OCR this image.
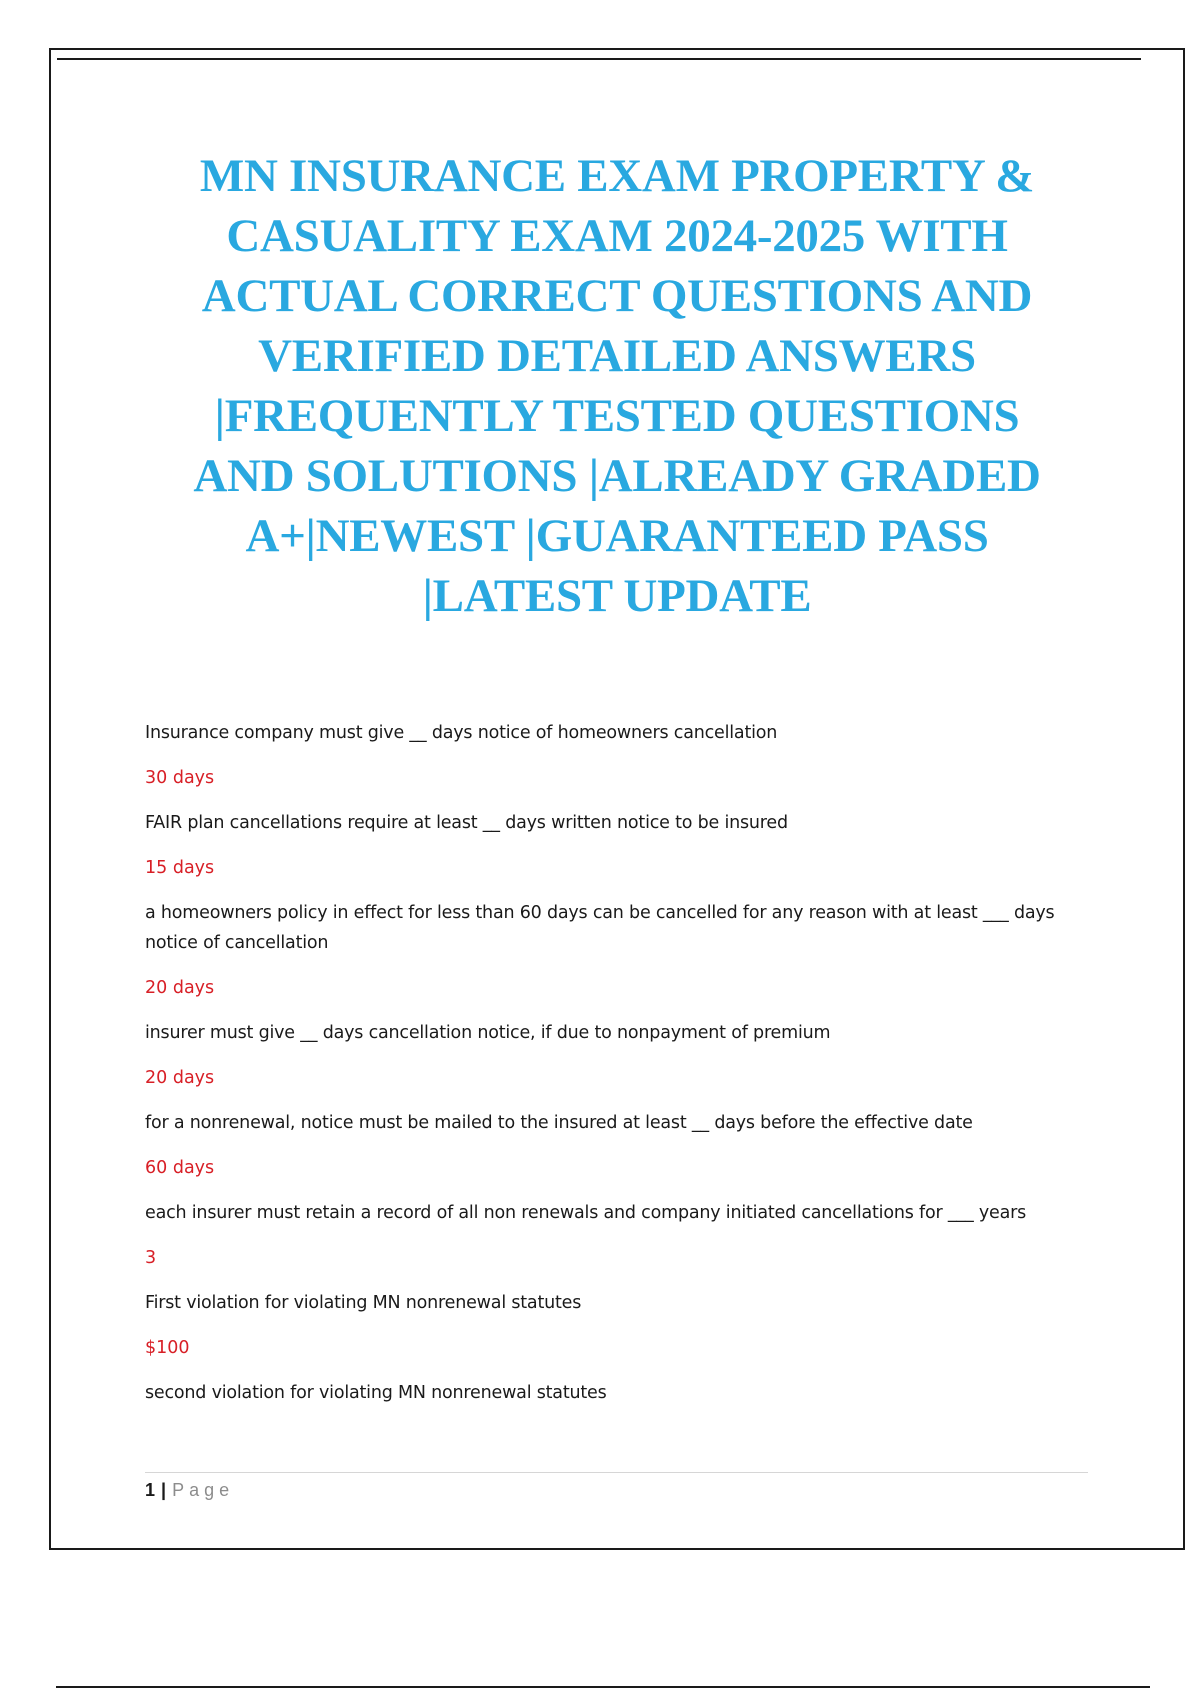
MN INSURANCE EXAM PROPERTY &
CASUALITY EXAM 2024-2025 WITH
ACTUAL CORRECT QUESTIONS AND
VERIFIED DETAILED ANSWERS
|FREQUENTLY TESTED QUESTIONS
AND SOLUTIONS |ALREADY GRADED
A+|NEWEST |GUARANTEED PASS
|LATEST UPDATE
Insurance company must give __ days notice of homeowners cancellation
30 days
FAIR plan cancellations require at least __ days written notice to be insured
15 days
a homeowners policy in effect for less than 60 days can be cancelled for any reason with at least ___ days notice of cancellation
20 days
insurer must give __ days cancellation notice, if due to nonpayment of premium
20 days
for a nonrenewal, notice must be mailed to the insured at least __ days before the effective date
60 days
each insurer must retain a record of all non renewals and company initiated cancellations for ___ years
3
First violation for violating MN nonrenewal statutes
$100
second violation for violating MN nonrenewal statutes
1 | Page
